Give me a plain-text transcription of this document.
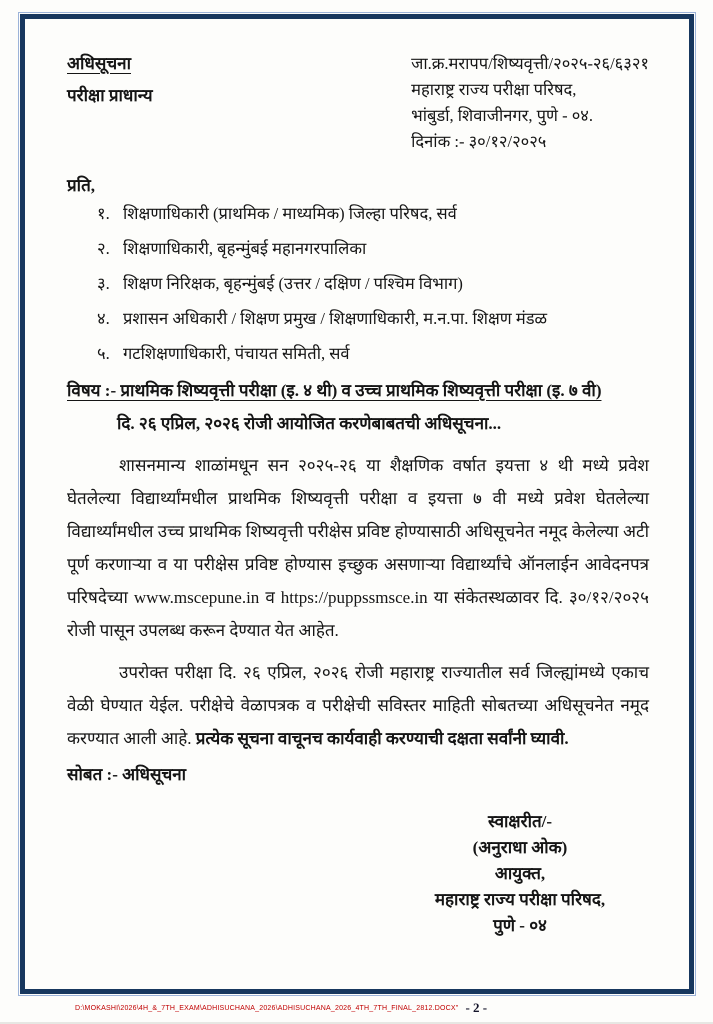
अधिसूचना
परीक्षा प्राधान्य
जा.क्र.मरापप/शिष्यवृत्ती/२०२५-२६/६३२१
महाराष्ट्र राज्य परीक्षा परिषद,
भांबुर्डा, शिवाजीनगर, पुणे - ०४.
दिनांक :- ३०/१२/२०२५
प्रति,
१. शिक्षणाधिकारी (प्राथमिक / माध्यमिक) जिल्हा परिषद, सर्व
२. शिक्षणाधिकारी, बृहन्मुंबई महानगरपालिका
३. शिक्षण निरिक्षक, बृहन्मुंबई (उत्तर / दक्षिण / पश्चिम विभाग)
४. प्रशासन अधिकारी / शिक्षण प्रमुख / शिक्षणाधिकारी, म.न.पा. शिक्षण मंडळ
५. गटशिक्षणाधिकारी, पंचायत समिती, सर्व
विषय :- प्राथमिक शिष्यवृत्ती परीक्षा (इ. ४ थी) व उच्च प्राथमिक शिष्यवृत्ती परीक्षा (इ. ७ वी)
दि. २६ एप्रिल, २०२६ रोजी आयोजित करणेबाबतची अधिसूचना...

शासनमान्य शाळांमधून सन २०२५-२६ या शैक्षणिक वर्षात इयत्ता ४ थी मध्ये प्रवेश घेतलेल्या विद्यार्थ्यांमधील प्राथमिक शिष्यवृत्ती परीक्षा व इयत्ता ७ वी मध्ये प्रवेश घेतलेल्या विद्यार्थ्यांमधील उच्च प्राथमिक शिष्यवृत्ती परीक्षेस प्रविष्ट होण्यासाठी अधिसूचनेत नमूद केलेल्या अटी पूर्ण करणाऱ्या व या परीक्षेस प्रविष्ट होण्यास इच्छुक असणाऱ्या विद्यार्थ्यांचे ऑनलाईन आवेदनपत्र परिषदेच्या www.mscepune.in व https://puppssmsce.in या संकेतस्थळावर दि. ३०/१२/२०२५ रोजी पासून उपलब्ध करून देण्यात येत आहेत.

उपरोक्त परीक्षा दि. २६ एप्रिल, २०२६ रोजी महाराष्ट्र राज्यातील सर्व जिल्ह्यांमध्ये एकाच वेळी घेण्यात येईल. परीक्षेचे वेळापत्रक व परीक्षेची सविस्तर माहिती सोबतच्या अधिसूचनेत नमूद करण्यात आली आहे. प्रत्येक सूचना वाचूनच कार्यवाही करण्याची दक्षता सर्वांनी घ्यावी.

सोबत :- अधिसूचना
स्वाक्षरीत/-
(अनुराधा ओक)
आयुक्त,
महाराष्ट्र राज्य परीक्षा परिषद,
पुणे - ०४
D:\MOKASHI\2026\4H_&_7TH_EXAM\ADHISUCHANA_2026\ADHISUCHANA_2026_4TH_7TH_FINAL_2812.DOCX" - 2 -
